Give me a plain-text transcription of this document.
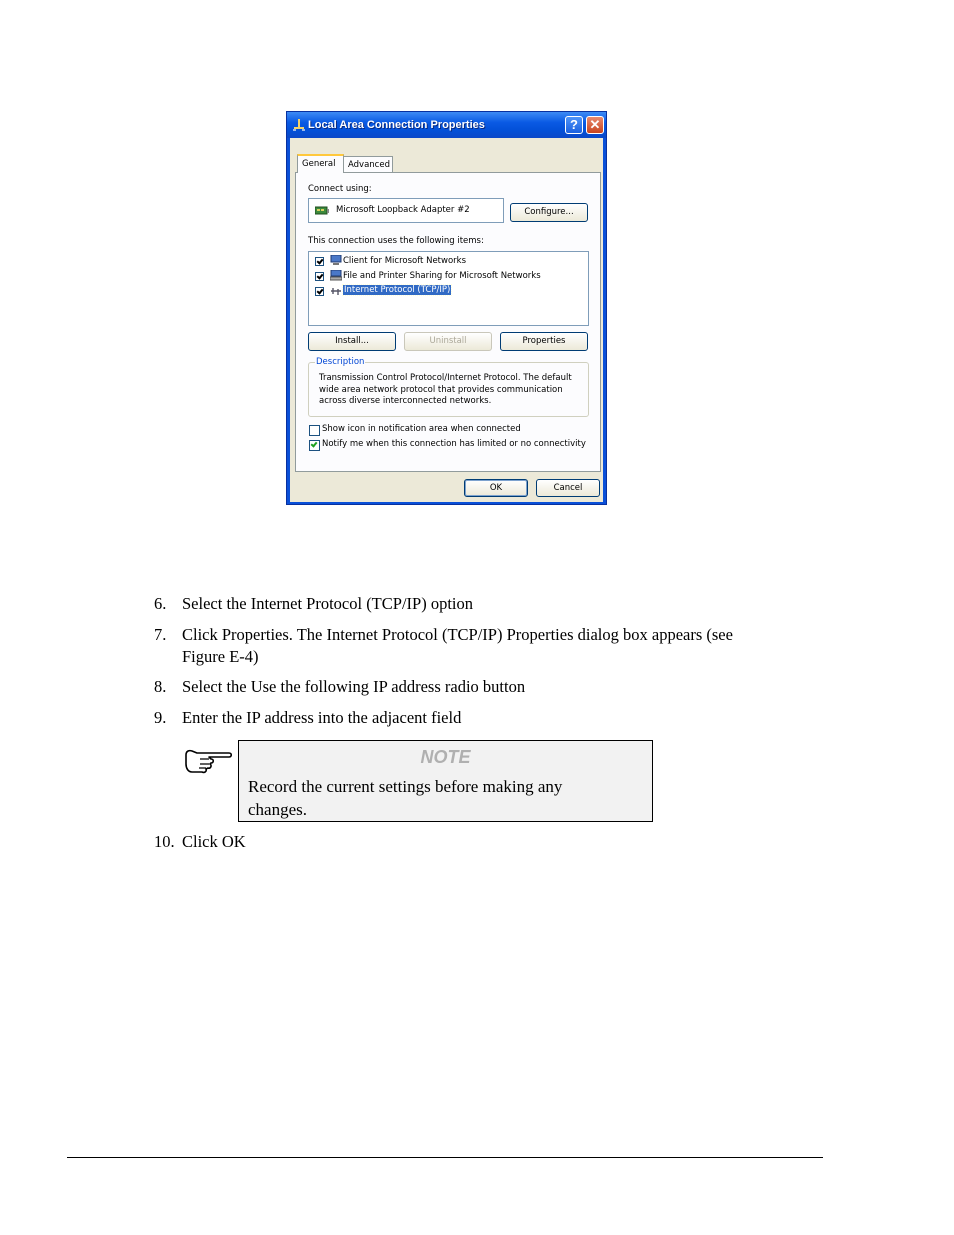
Local Area Connection Properties	? ✕
General	Advanced
Connect using:
Microsoft Loopback Adapter #2	Configure...
This connection uses the following items:
Client for Microsoft Networks
File and Printer Sharing for Microsoft Networks
Internet Protocol (TCP/IP)
Install...	Uninstall	Properties
Description
Transmission Control Protocol/Internet Protocol. The default
wide area network protocol that provides communication
across diverse interconnected networks.
Show icon in notification area when connected
Notify me when this connection has limited or no connectivity
OK	Cancel
6. Select the Internet Protocol (TCP/IP) option
7. Click Properties. The Internet Protocol (TCP/IP) Properties dialog box appears (see
Figure E-4)
8. Select the Use the following IP address radio button
9. Enter the IP address into the adjacent field
NOTE
Record the current settings before making any
changes.
10. Click OK
